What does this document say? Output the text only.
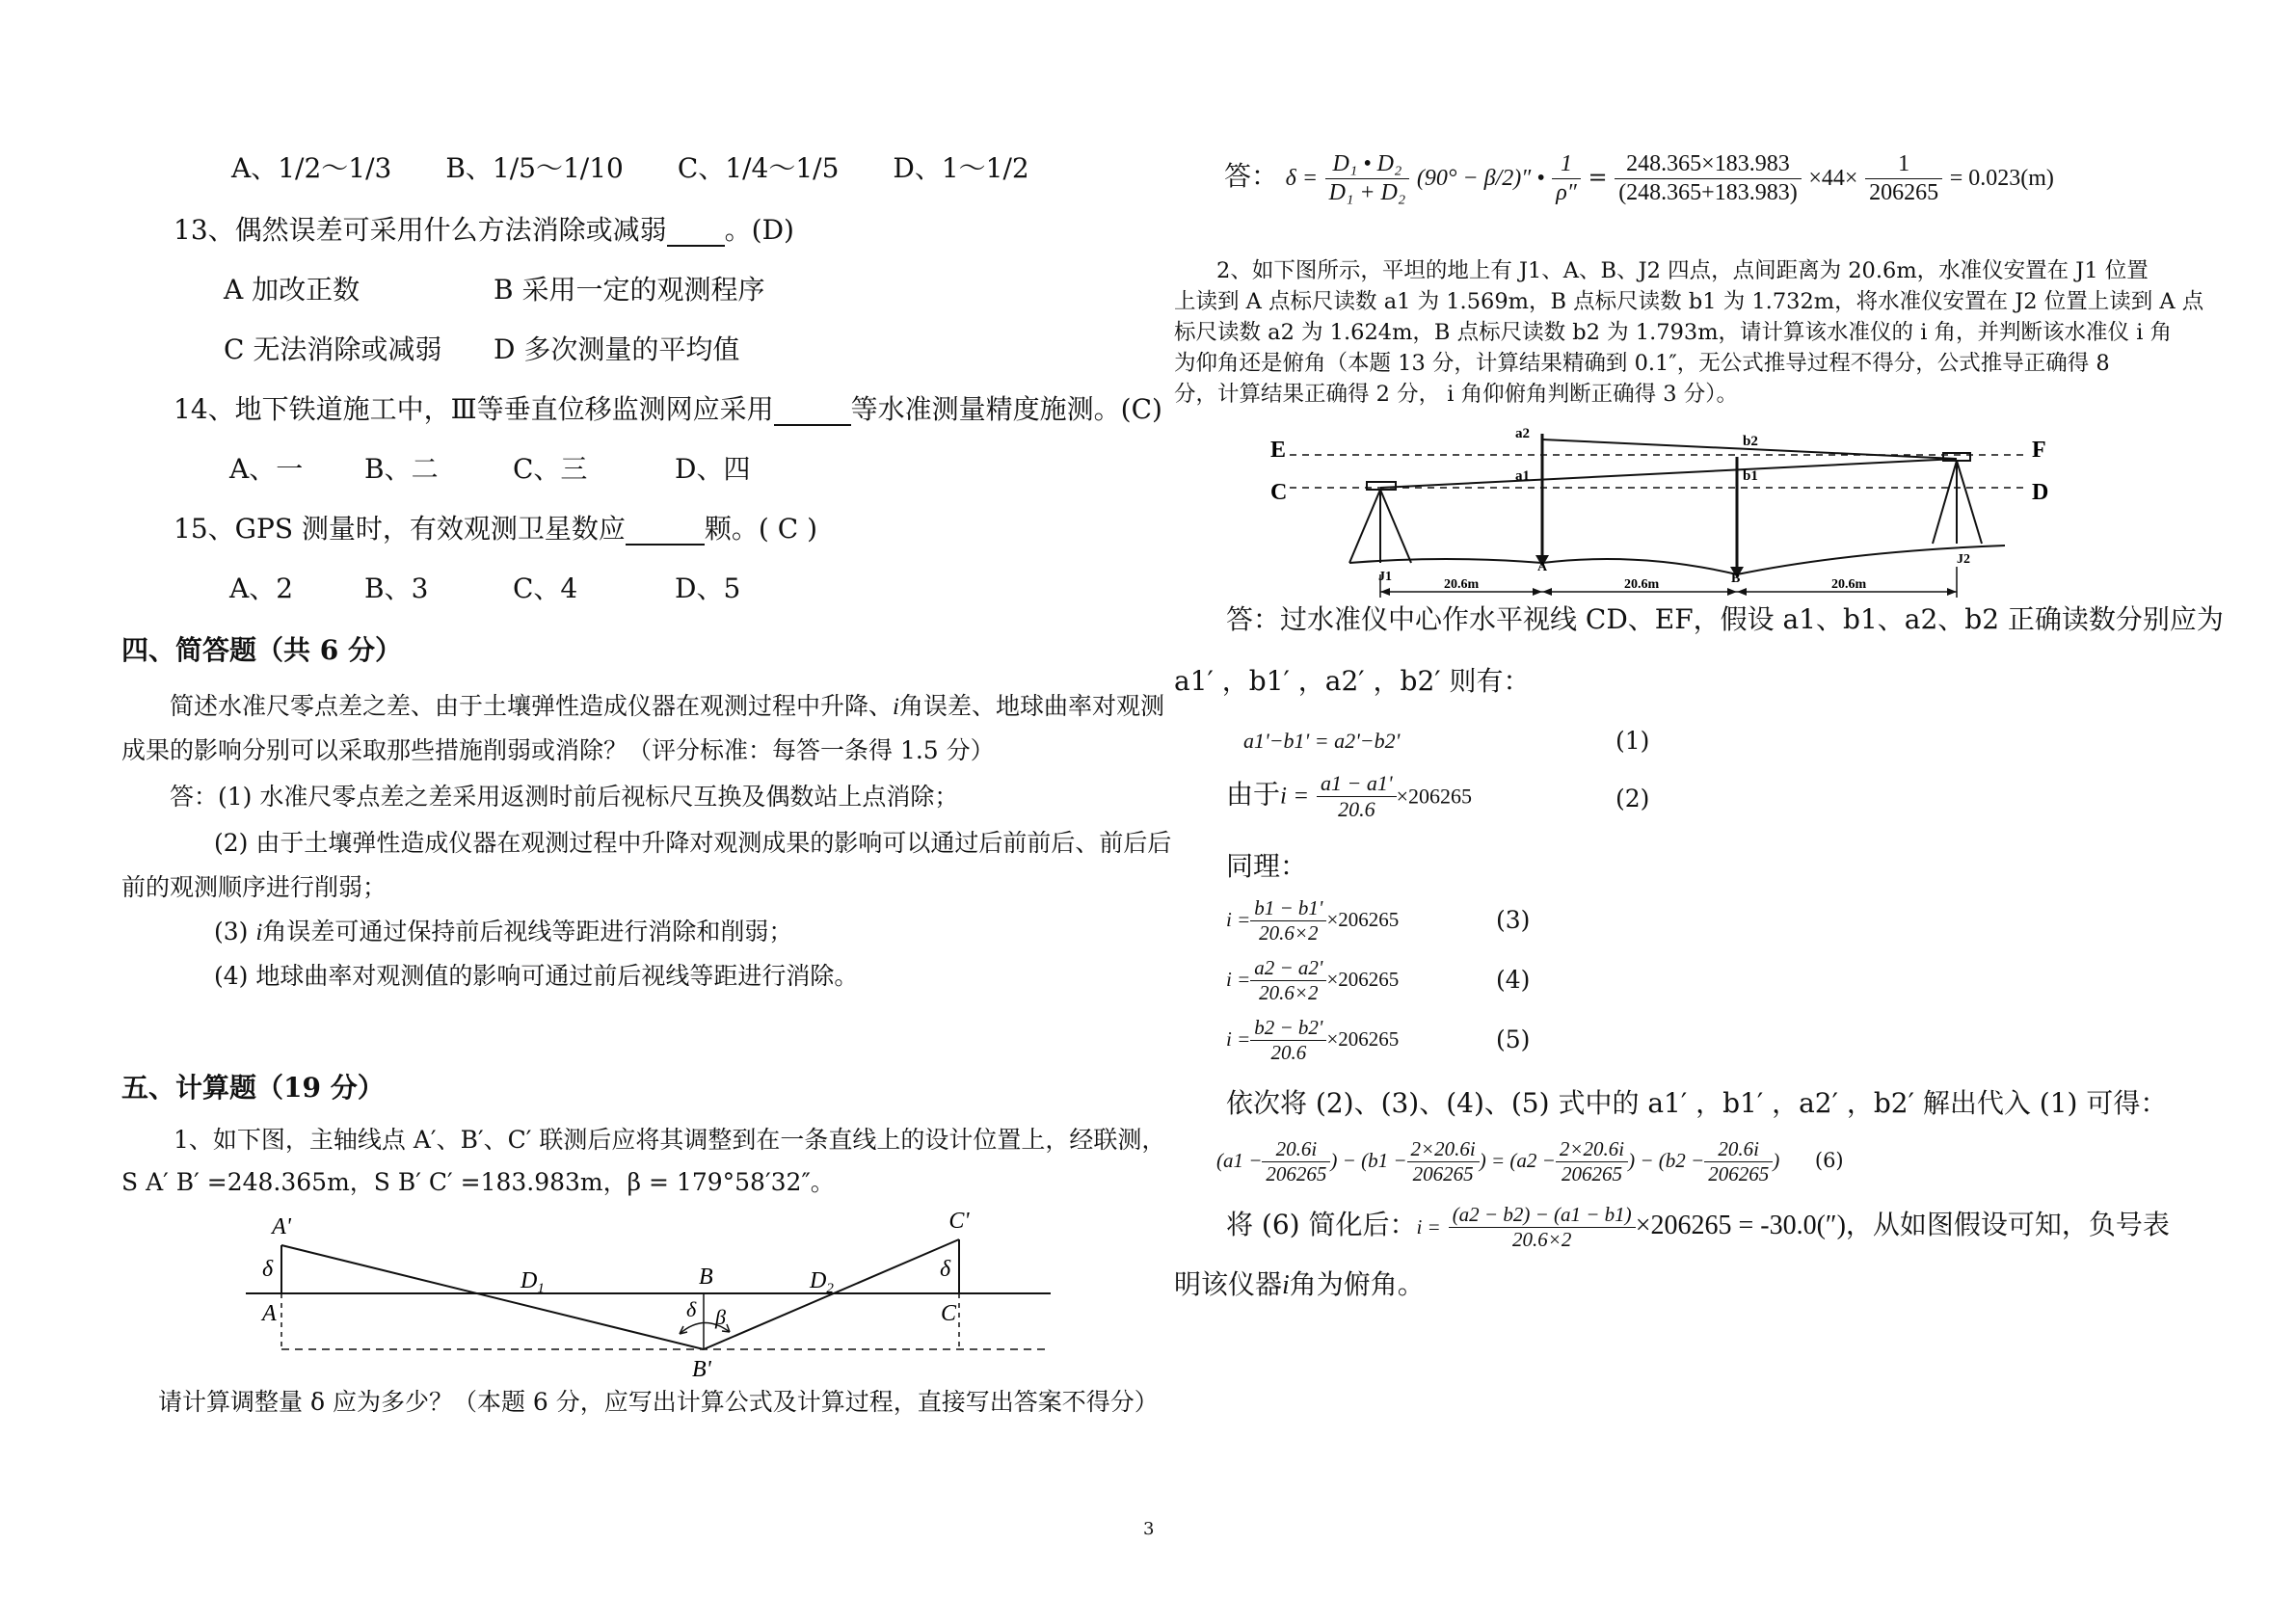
A、1/2～1/3　　B、1/5～1/10　　C、1/4～1/5　　D、1～1/2
13、偶然误差可采用什么方法消除或减弱 。(D)
A 加改正数	B 采用一定的观测程序
C 无法消除或减弱 D 多次测量的平均值
14、地下铁道施工中，Ⅲ等垂直位移监测网应采用	等水准测量精度施测。(C)
A、一 B、二	C、三	D、四
15、GPS 测量时，有效观测卫星数应	颗。( C )
A、2	B、3	C、4	D、5
四、简答题（共 6 分）
简述水准尺零点差之差、由于土壤弹性造成仪器在观测过程中升降、i角误差、地球曲率对观测
成果的影响分别可以采取那些措施削弱或消除？（评分标准：每答一条得 1.5 分）
答：(1) 水准尺零点差之差采用返测时前后视标尺互换及偶数站上点消除；
(2) 由于土壤弹性造成仪器在观测过程中升降对观测成果的影响可以通过后前前后、前后后
前的观测顺序进行削弱；
(3) i角误差可通过保持前后视线等距进行消除和削弱；
(4) 地球曲率对观测值的影响可通过前后视线等距进行消除。
五、计算题（19 分）
1、如下图，主轴线点 A′、B′、C′ 联测后应将其调整到在一条直线上的设计位置上，经联测，
S A′ B′ =248.365m，S B′ C′ =183.983m，β = 179°58′32″。
A'	C'
δ	δ
A	C
B
δ β
B'
$D_1$	$D_2$
请计算调整量 δ 应为多少？（本题 6 分，应写出计算公式及计算过程，直接写出答案不得分）
答： $\delta = \frac{\text{D₁ • D₂}}{\text{D₁ + D₂}} (90^\circ - \beta/2)''$ • $\frac{1}{\rho''} = \frac{248.365\times 183.983}{(248.365+183.983)} \times 44\times \frac{1}{206265} = 0.023(m)$
2、如下图所示，平坦的地上有 J1、A、B、J2 四点，点间距离为 20.6m，水准仪安置在 J1 位置
上读到 A 点标尺读数 a1 为 1.569m，B 点标尺读数 b1 为 1.732m，将水准仪安置在 J2 位置上读到 A 点
标尺读数 a2 为 1.624m，B 点标尺读数 b2 为 1.793m，请计算该水准仪的 i 角，并判断该水准仪 i 角
为仰角还是俯角（本题 13 分，计算结果精确到 0.1″，无公式推导过程不得分，公式推导正确得 8
分，计算结果正确得 2 分， i 角仰俯角判断正确得 3 分）。
E	F
C	D
a2	b2
a1	b1
A
B
J1
J2
20.6m	20.6m	20.6m
答：过水准仪中心作水平视线 CD、EF，假设 a1、b1、a2、b2 正确读数分别应为
a1′ ，b1′ ，a2′ ，b2′ 则有：
a1'−b1' = a2'−b2'	(1)
由于$i = \frac{a1 - a1'}{20.6} \times 206265$	(2)
同理：
$i = \frac{b1 - b1'}{20.6\times 2} \times 206265$	(3)
$i = \frac{a2 - a2'}{20.6\times 2} \times 206265$	(4)
$i = \frac{b2 - b2'}{20.6} \times 206265$	(5)
依次将 (2)、(3)、(4)、(5) 式中的 a1′ ，b1′ ，a2′ ，b2′ 解出代入 (1) 可得：
($a1 - \frac{20.6i}{206265}$ ) − ($b1 - \frac{2\times 20.6i}{206265}$ ) = ($a2 - \frac{2\times 20.6i}{206265}$ ) − ($b2 - \frac{20.6i}{206265}$ ) (6)
将 (6) 简化后：$i = \frac{(a2 - b2) - (a1 - b1)}{20.6\times 2} \times 206265 = -30.0('')$，从如图假设可知，负号表
明该仪器i角为俯角。
3
